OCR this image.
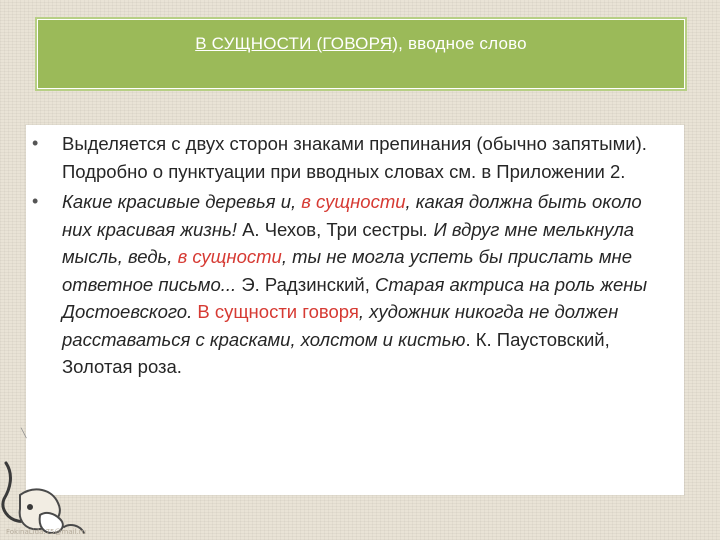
В СУЩНОСТИ (ГОВОРЯ), вводное слово
• Выделяется с двух сторон знаками препинания (обычно запятыми). Подробно о пунктуации при вводных словах см. в Приложении 2.
• Какие красивые деревья и, в сущности, какая должна быть около них красивая жизнь! А. Чехов, Три сестры. И вдруг мне мелькнула мысль, ведь, в сущности, ты не могла успеть бы прислать мне ответное письмо... Э. Радзинский, Старая актриса на роль жены Достоевского. В сущности говоря, художник никогда не должен расставаться с красками, холстом и кистью. К. Паустовский, Золотая роза.
╲
FokinaLida.75@mail.ru
